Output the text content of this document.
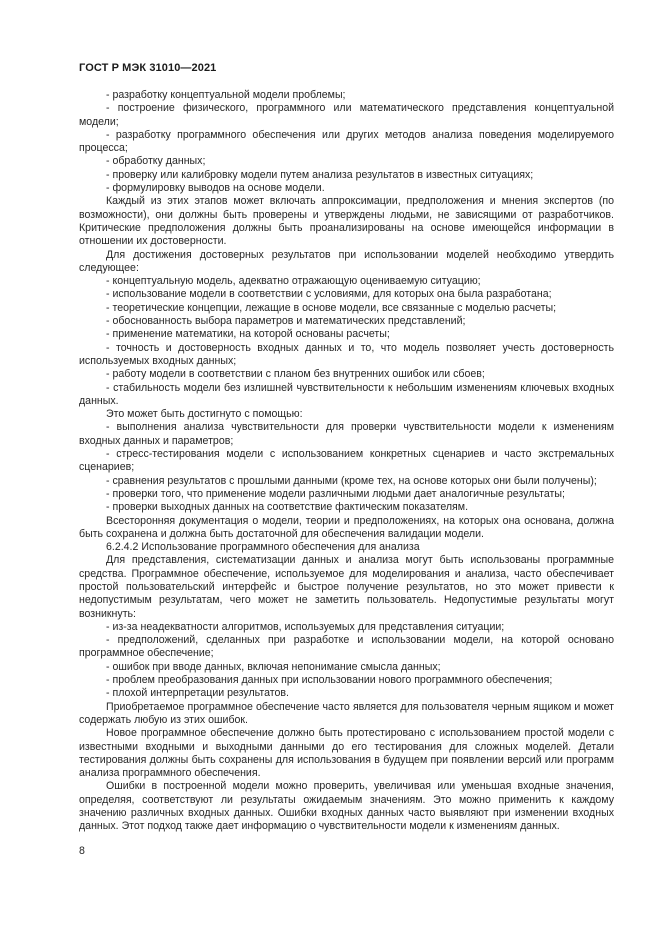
ГОСТ Р МЭК 31010—2021

- разработку концептуальной модели проблемы;

- построение физического, программного или математического представления концептуальной модели;

- разработку программного обеспечения или других методов анализа поведения моделируемого процесса;

- обработку данных;

- проверку или калибровку модели путем анализа результатов в известных ситуациях;

- формулировку выводов на основе модели.

Каждый из этих этапов может включать аппроксимации, предположения и мнения экспертов (по возможности), они должны быть проверены и утверждены людьми, не зависящими от разработчиков. Критические предположения должны быть проанализированы на основе имеющейся информации в отношении их достоверности.

Для достижения достоверных результатов при использовании моделей необходимо утвердить следующее:

- концептуальную модель, адекватно отражающую оцениваемую ситуацию;

- использование модели в соответствии с условиями, для которых она была разработана;

- теоретические концепции, лежащие в основе модели, все связанные с моделью расчеты;

- обоснованность выбора параметров и математических представлений;

- применение математики, на которой основаны расчеты;

- точность и достоверность входных данных и то, что модель позволяет учесть достоверность используемых входных данных;

- работу модели в соответствии с планом без внутренних ошибок или сбоев;

- стабильность модели без излишней чувствительности к небольшим изменениям ключевых входных данных.

Это может быть достигнуто с помощью:

- выполнения анализа чувствительности для проверки чувствительности модели к изменениям входных данных и параметров;

- стресс-тестирования модели с использованием конкретных сценариев и часто экстремальных сценариев;

- сравнения результатов с прошлыми данными (кроме тех, на основе которых они были получены);

- проверки того, что применение модели различными людьми дает аналогичные результаты;

- проверки выходных данных на соответствие фактическим показателям.

Всесторонняя документация о модели, теории и предположениях, на которых она основана, должна быть сохранена и должна быть достаточной для обеспечения валидации модели.

6.2.4.2 Использование программного обеспечения для анализа

Для представления, систематизации данных и анализа могут быть использованы программные средства. Программное обеспечение, используемое для моделирования и анализа, часто обеспечивает простой пользовательский интерфейс и быстрое получение результатов, но это может привести к недопустимым результатам, чего может не заметить пользователь. Недопустимые результаты могут возникнуть:

- из-за неадекватности алгоритмов, используемых для представления ситуации;

- предположений, сделанных при разработке и использовании модели, на которой основано программное обеспечение;

- ошибок при вводе данных, включая непонимание смысла данных;

- проблем преобразования данных при использовании нового программного обеспечения;

- плохой интерпретации результатов.

Приобретаемое программное обеспечение часто является для пользователя черным ящиком и может содержать любую из этих ошибок.

Новое программное обеспечение должно быть протестировано с использованием простой модели с известными входными и выходными данными до его тестирования для сложных моделей. Детали тестирования должны быть сохранены для использования в будущем при появлении версий или программ анализа программного обеспечения.

Ошибки в построенной модели можно проверить, увеличивая или уменьшая входные значения, определяя, соответствуют ли результаты ожидаемым значениям. Это можно применить к каждому значению различных входных данных. Ошибки входных данных часто выявляют при изменении входных данных. Этот подход также дает информацию о чувствительности модели к изменениям данных.

8
